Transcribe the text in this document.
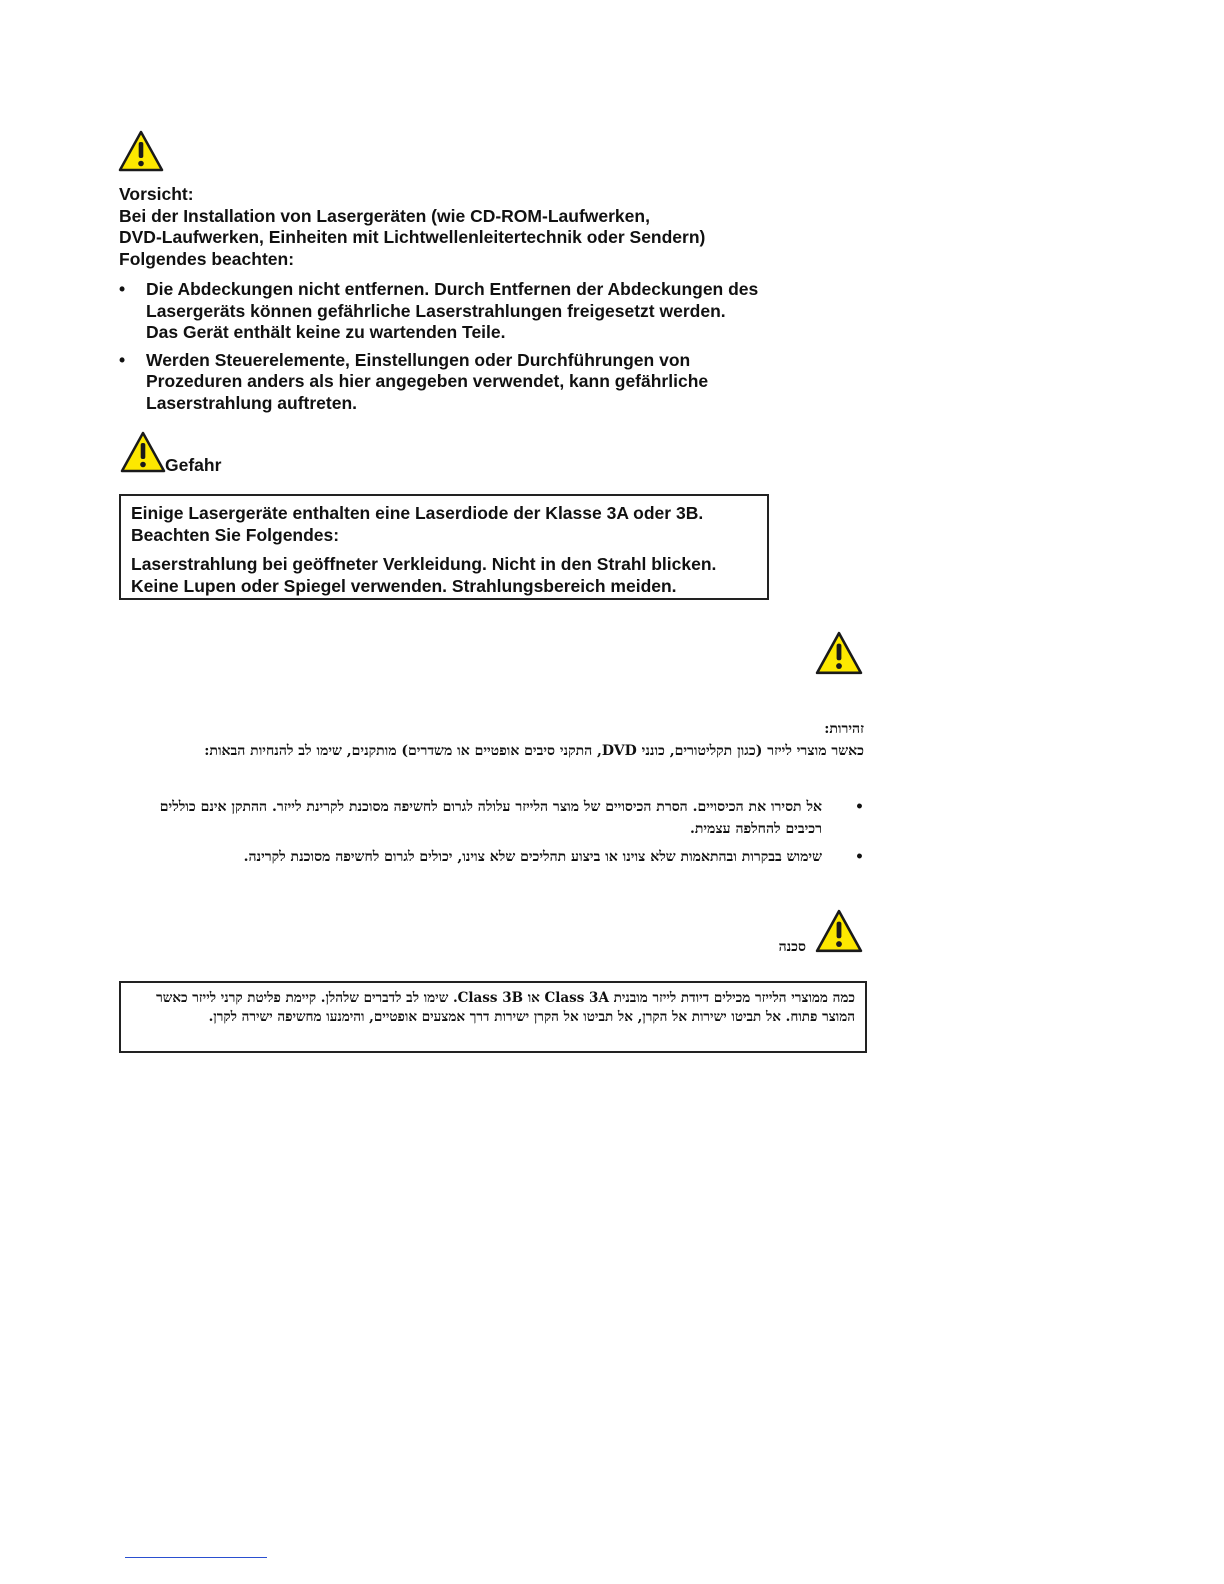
Vorsicht:

Bei der Installation von Lasergeräten (wie CD-ROM-Laufwerken,

DVD-Laufwerken, Einheiten mit Lichtwellenleitertechnik oder Sendern)

Folgendes beachten:

• Die Abdeckungen nicht entfernen. Durch Entfernen der Abdeckungen des
Lasergeräts können gefährliche Laserstrahlungen freigesetzt werden.
Das Gerät enthält keine zu wartenden Teile.
• Werden Steuerelemente, Einstellungen oder Durchführungen von
Prozeduren anders als hier angegeben verwendet, kann gefährliche
Laserstrahlung auftreten.
Gefahr

Einige Lasergeräte enthalten eine Laserdiode der Klasse 3A oder 3B.

Beachten Sie Folgendes:

Laserstrahlung bei geöffneter Verkleidung. Nicht in den Strahl blicken.

Keine Lupen oder Spiegel verwenden. Strahlungsbereich meiden.

זהירות:

כאשר מוצרי לייזר (כגון תקליטורים, כונני DVD, התקני סיבים אופטיים או משדרים) מותקנים, שימו לב להנחיות הבאות:

•
אל תסירו את הכיסויים. הסרת הכיסויים של מוצר הלייזר עלולה לגרום לחשיפה מסוכנת לקרינת לייזר. ההתקן אינם כוללים רכיבים להחלפה עצמית.
•
שימוש בבקרות ובהתאמות שלא צוינו או ביצוע תהליכים שלא צוינו, יכולים לגרום לחשיפה מסוכנת לקרינה.
סכנה

כמה ממוצרי הלייזר מכילים דיודת לייזר מובנית Class 3A או Class 3B. שימו לב לדברים שלהלן. קיימת פליטת קרני לייזר כאשר המוצר פתוח. אל תביטו ישירות אל הקרן, אל תביטו אל הקרן ישירות דרך אמצעים אופטיים, והימנעו מחשיפה ישירה לקרן.
